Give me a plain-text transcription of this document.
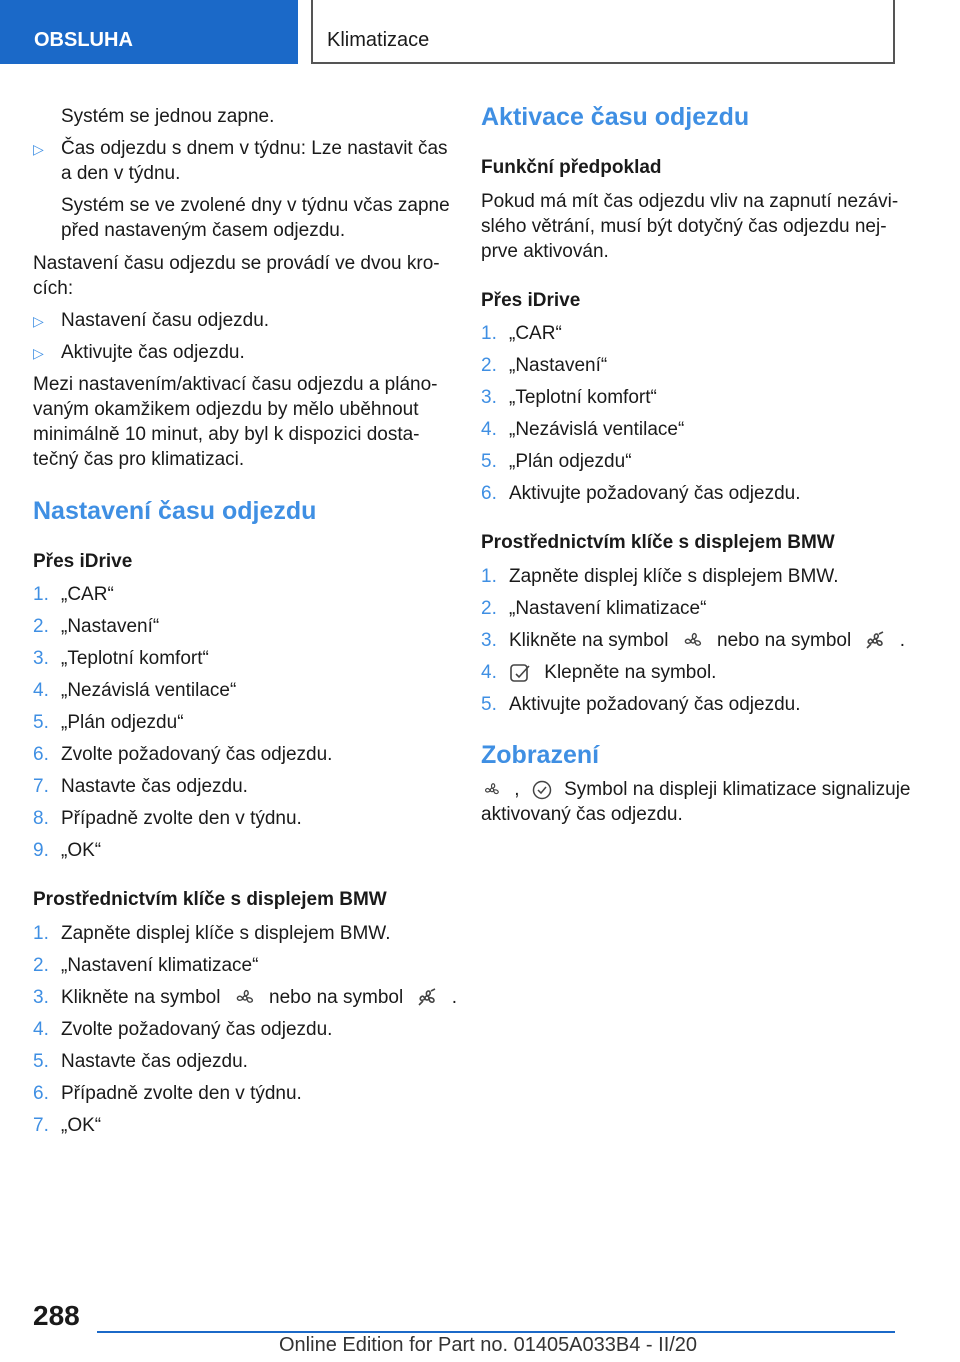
OBSLUHA	Klimatizace
Systém se jednou zapne.
▷ Čas odjezdu s dnem v týdnu: Lze nastavit čas
a den v týdnu.
Systém se ve zvolené dny v týdnu včas zapne
před nastaveným časem odjezdu.
Nastavení času odjezdu se provádí ve dvou kro-
cích:
▷ Nastavení času odjezdu.
▷ Aktivujte čas odjezdu.
Mezi nastavením/aktivací času odjezdu a pláno-
vaným okamžikem odjezdu by mělo uběhnout
minimálně 10 minut, aby byl k dispozici dosta-
tečný čas pro klimatizaci.
Nastavení času odjezdu
Přes iDrive
1. „CAR“
2. „Nastavení“
3. „Teplotní komfort“
4. „Nezávislá ventilace“
5. „Plán odjezdu“
6. Zvolte požadovaný čas odjezdu.
7. Nastavte čas odjezdu.
8. Případně zvolte den v týdnu.
9. „OK“
Prostřednictvím klíče s displejem BMW
1. Zapněte displej klíče s displejem BMW.
2. „Nastavení klimatizace“
3. Klikněte na symbol	nebo na symbol	.
4. Zvolte požadovaný čas odjezdu.
5. Nastavte čas odjezdu.
6. Případně zvolte den v týdnu.
7. „OK“
Aktivace času odjezdu
Funkční předpoklad
Pokud má mít čas odjezdu vliv na zapnutí nezávi-
slého větrání, musí být dotyčný čas odjezdu nej-
prve aktivován.
Přes iDrive
1. „CAR“
2. „Nastavení“
3. „Teplotní komfort“
4. „Nezávislá ventilace“
5. „Plán odjezdu“
6. Aktivujte požadovaný čas odjezdu.
Prostřednictvím klíče s displejem BMW
1. Zapněte displej klíče s displejem BMW.
2. „Nastavení klimatizace“
3. Klikněte na symbol	nebo na symbol	.
4.	Klepněte na symbol.
5. Aktivujte požadovaný čas odjezdu.
Zobrazení
, Symbol na displeji klimatizace signalizuje
aktivovaný čas odjezdu.
288
Online Edition for Part no. 01405A033B4 - II/20
